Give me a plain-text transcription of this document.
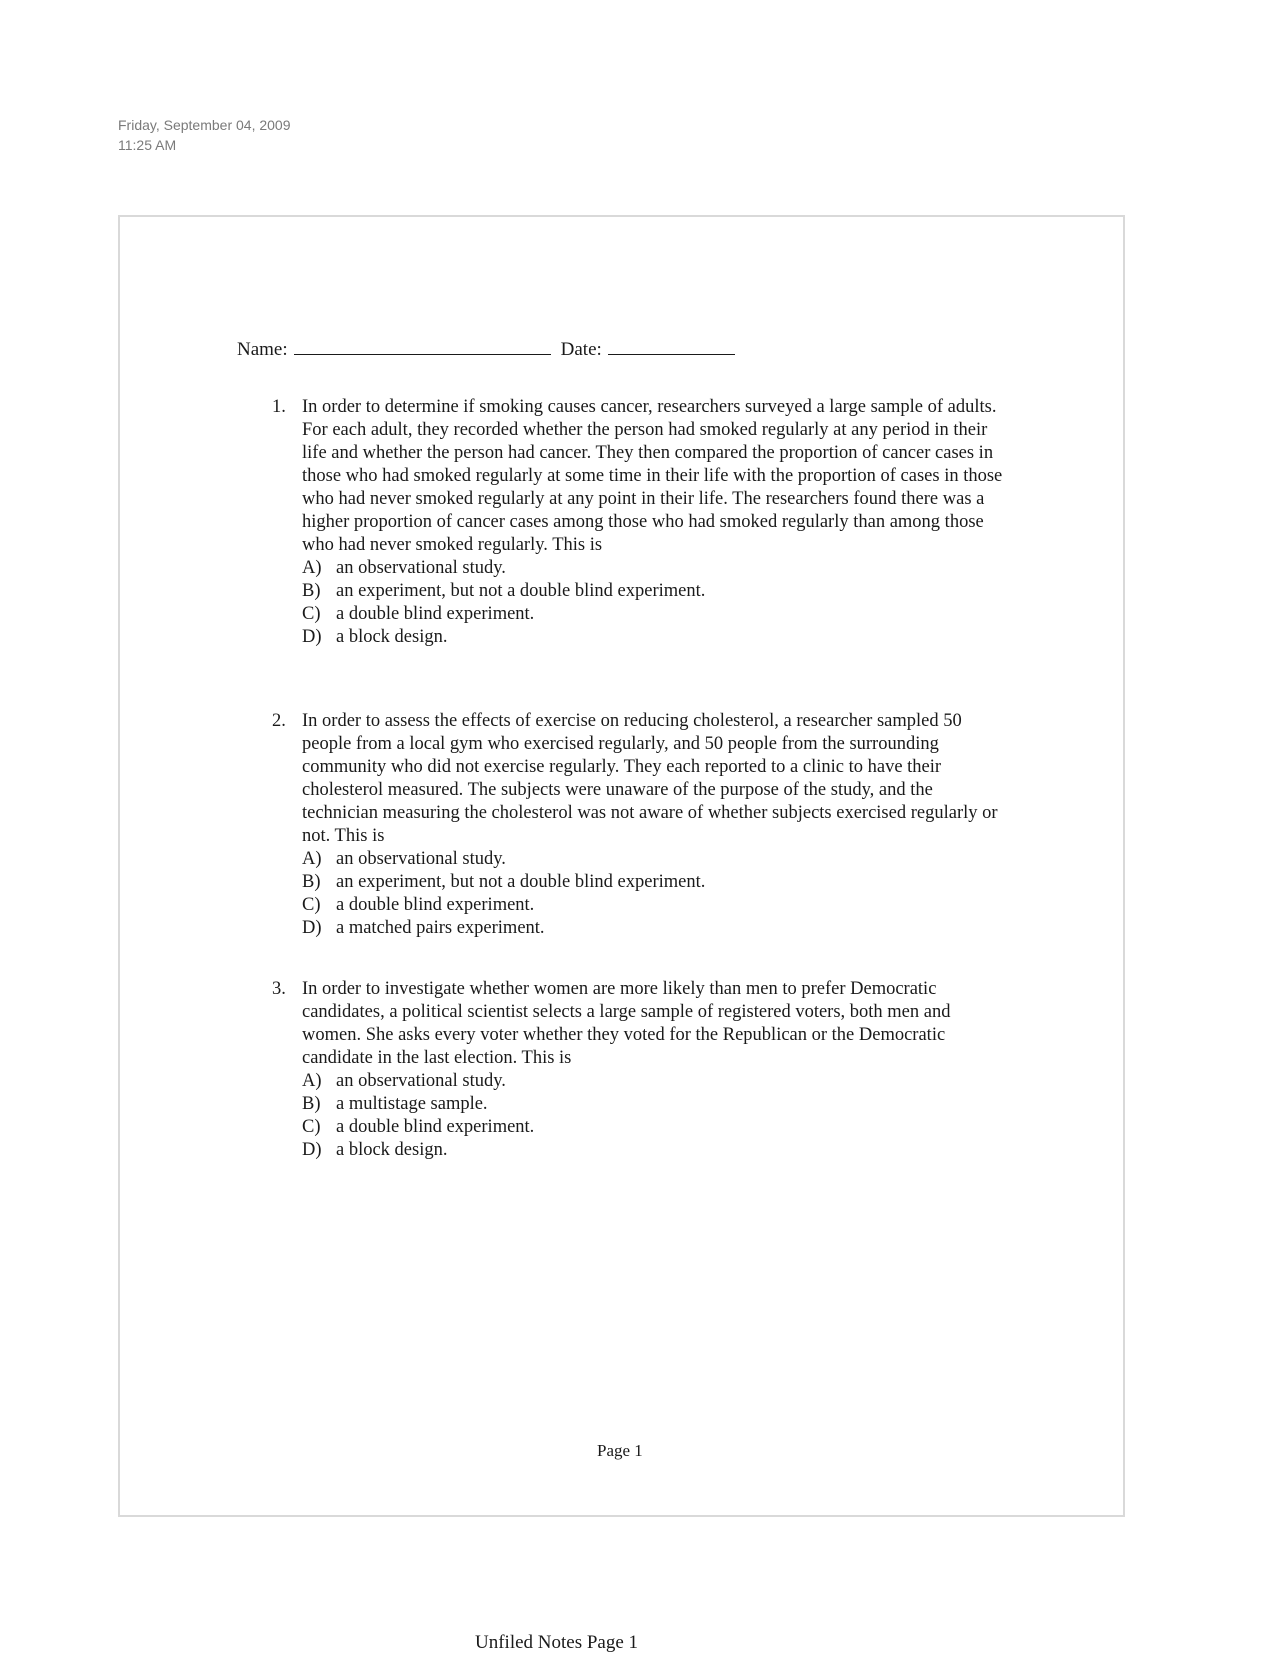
Friday, September 04, 2009
11:25 AM
Name:	Date:
1. In order to determine if smoking causes cancer, researchers surveyed a large sample of adults. For each adult, they recorded whether the person had smoked regularly at any period in their life and whether the person had cancer. They then compared the proportion of cancer cases in those who had smoked regularly at some time in their life with the proportion of cases in those who had never smoked regularly at any point in their life. The researchers found there was a higher proportion of cancer cases among those who had smoked regularly than among those who had never smoked regularly. This is
A) an observational study.
B) an experiment, but not a double blind experiment.
C) a double blind experiment.
D) a block design.
2. In order to assess the effects of exercise on reducing cholesterol, a researcher sampled 50 people from a local gym who exercised regularly, and 50 people from the surrounding community who did not exercise regularly. They each reported to a clinic to have their cholesterol measured. The subjects were unaware of the purpose of the study, and the technician measuring the cholesterol was not aware of whether subjects exercised regularly or not. This is
A) an observational study.
B) an experiment, but not a double blind experiment.
C) a double blind experiment.
D) a matched pairs experiment.
3. In order to investigate whether women are more likely than men to prefer Democratic candidates, a political scientist selects a large sample of registered voters, both men and women. She asks every voter whether they voted for the Republican or the Democratic candidate in the last election. This is
A) an observational study.
B) a multistage sample.
C) a double blind experiment.
D) a block design.
Page 1
Unfiled Notes Page 1
